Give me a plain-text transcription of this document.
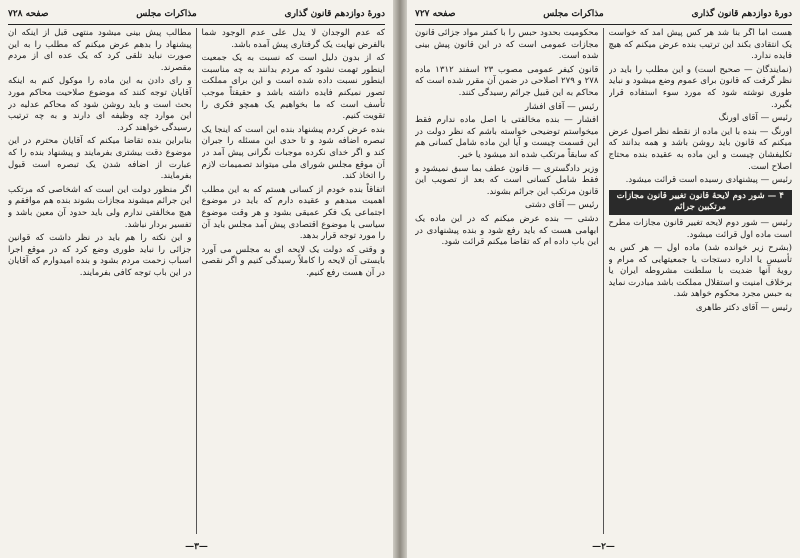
دورهٔ دوازدهم قانون گذاری
مذاکرات مجلس
صفحه ۷۲۸

که عدم الوجدان لا یدل علی عدم الوجود شما بالفرض نهایت یک گرفتاری پیش آمده باشد.

که از بدون دلیل است که نسبت به یک جمعیت اینطور تهمت نشود که مردم بدانند به چه مناسبت اینطور نسبت داده شده است و این برای مملکت تصور نمیکنم فایده داشته باشد و حقیقتاً موجب تأسف است که ما بخواهیم یک همچو فکری را تقویت کنیم.

بنده عرض کردم پیشنهاد بنده این است که اینجا یک تبصره اضافه شود و تا حدی این مسئله را جبران کند و اگر خدای نکرده موجبات نگرانی پیش آمد در آن موقع مجلس شورای ملی میتواند تصمیمات لازم را اتخاذ کند.

اتفاقاً بنده خودم از کسانی هستم که به این مطلب اهمیت میدهم و عقیده دارم که باید در موضوع اجتماعی یک فکر عمیقی بشود و هر وقت موضوع سیاسی یا موضوع اقتصادی پیش آمد مجلس باید آن را مورد توجه قرار بدهد.

و وقتی که دولت یک لایحه ای به مجلس می آورد بایستی آن لایحه را کاملاً رسیدگی کنیم و اگر نقصی در آن هست رفع کنیم.

مطالب پیش بینی میشود منتهی قبل از اینکه آن پیشنهاد را بدهم عرض میکنم که مطلب را به این صورت نباید تلقی کرد که یک عده ای از مردم مقصرند.

و رای دادن به این ماده را موکول کنم به اینکه آقایان توجه کنند که موضوع صلاحیت محاکم مورد بحث است و باید روشن شود که محاکم عدلیه در این موارد چه وظیفه ای دارند و به چه ترتیب رسیدگی خواهند کرد.

بنابراین بنده تقاضا میکنم که آقایان محترم در این موضوع دقت بیشتری بفرمایند و پیشنهاد بنده را که عبارت از اضافه شدن یک تبصره است قبول بفرمایند.

اگر منظور دولت این است که اشخاصی که مرتکب این جرائم میشوند مجازات بشوند بنده هم موافقم و هیچ مخالفتی ندارم ولی باید حدود آن معین باشد و تفسیر بردار نباشد.

و این نکته را هم باید در نظر داشت که قوانین جزائی را نباید طوری وضع کرد که در موقع اجرا اسباب زحمت مردم بشود و بنده امیدوارم که آقایان در این باب توجه کافی بفرمایند.

—۳—
دورهٔ دوازدهم قانون گذاری
مذاکرات مجلس
صفحه ۷۲۷

هست اما اگر بنا شد هر کس پیش آمد که خواست یک انتقادی بکند این ترتیب بنده عرض میکنم که هیچ فایده ندارد.

(نمایندگان — صحیح است) و این مطلب را باید در نظر گرفت که قانون برای عموم وضع میشود و نباید طوری نوشته شود که مورد سوء استفاده قرار بگیرد.

رئیس — آقای اورنگ

اورنگ — بنده با این ماده از نقطه نظر اصول عرض میکنم که قانون باید روشن باشد و همه بدانند که تکلیفشان چیست و این ماده به عقیده بنده محتاج اصلاح است.

رئیس — پیشنهادی رسیده است قرائت میشود.

۴ — شور دوم لایحهٔ قانون تغییر قانون مجازات مرتکبین جرائم

رئیس — شور دوم لایحه تغییر قانون مجازات مطرح است ماده اول قرائت میشود.

(بشرح زیر خوانده شد) ماده اول — هر کس به تأسیس یا اداره دستجات یا جمعیتهایی که مرام و رویهٔ آنها ضدیت با سلطنت مشروطه ایران یا برخلاف امنیت و استقلال مملکت باشد مبادرت نماید به حبس مجرد محکوم خواهد شد.

رئیس — آقای دکتر طاهری

محکومیت بحدود حبس را با کمتر مواد جزائی قانون مجازات عمومی است که در این قانون پیش بینی شده است.

قانون کیفر عمومی مصوب ۲۳ اسفند ۱۳۱۲ ماده ۲۷۸ و ۲۷۹ اصلاحی در ضمن آن مقرر شده است که محاکم به این قبیل جرائم رسیدگی کنند.

رئیس — آقای افشار

افشار — بنده مخالفتی با اصل ماده ندارم فقط میخواستم توضیحی خواسته باشم که نظر دولت در این قسمت چیست و آیا این ماده شامل کسانی هم که سابقاً مرتکب شده اند میشود یا خیر.

وزیر دادگستری — قانون عطف بما سبق نمیشود و فقط شامل کسانی است که بعد از تصویب این قانون مرتکب این جرائم بشوند.

رئیس — آقای دشتی

دشتی — بنده عرض میکنم که در این ماده یک ابهامی هست که باید رفع شود و بنده پیشنهادی در این باب داده ام که تقاضا میکنم قرائت شود.

—۲—
